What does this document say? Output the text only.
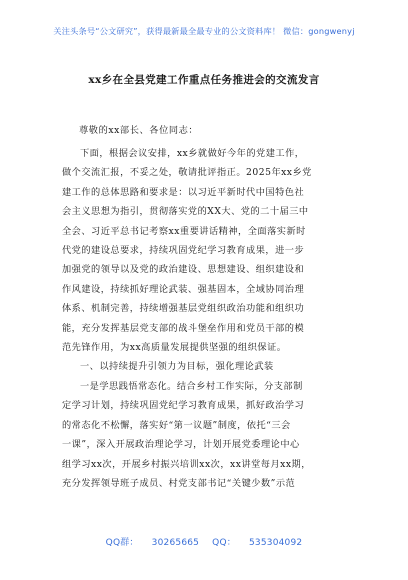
关注头条号“公文研究”，获得最新最全最专业的公文资料库！ 微信：gongwenyj
xx乡在全县党建工作重点任务推进会的交流发言
尊敬的xx部长、各位同志：
下面，根据会议安排，xx乡就做好今年的党建工作，
做个交流汇报，不妥之处，敬请批评指正。2025年xx乡党
建工作的总体思路和要求是：以习近平新时代中国特色社
会主义思想为指引，贯彻落实党的XX大、党的二十届三中
全会、习近平总书记考察xx重要讲话精神，全面落实新时
代党的建设总要求，持续巩固党纪学习教育成果，进一步
加强党的领导以及党的政治建设、思想建设、组织建设和
作风建设，持续抓好理论武装、强基固本，全域协同治理
体系、机制完善，持续增强基层党组织政治功能和组织功
能，充分发挥基层党支部的战斗堡垒作用和党员干部的模
范先锋作用，为xx高质量发展提供坚强的组织保证。
一、以持续提升引领力为目标，强化理论武装
一是学思践悟常态化。结合乡村工作实际，分支部制
定学习计划，持续巩固党纪学习教育成果，抓好政治学习
的常态化不松懈，落实好“第一议题”制度，依托“三会
一课”，深入开展政治理论学习，计划开展党委理论中心
组学习xx次，开展乡村振兴培训xx次，xx讲堂每月xx期，
充分发挥领导班子成员、村党支部书记“关键少数”示范
QQ群： 30265665 QQ： 535304092
